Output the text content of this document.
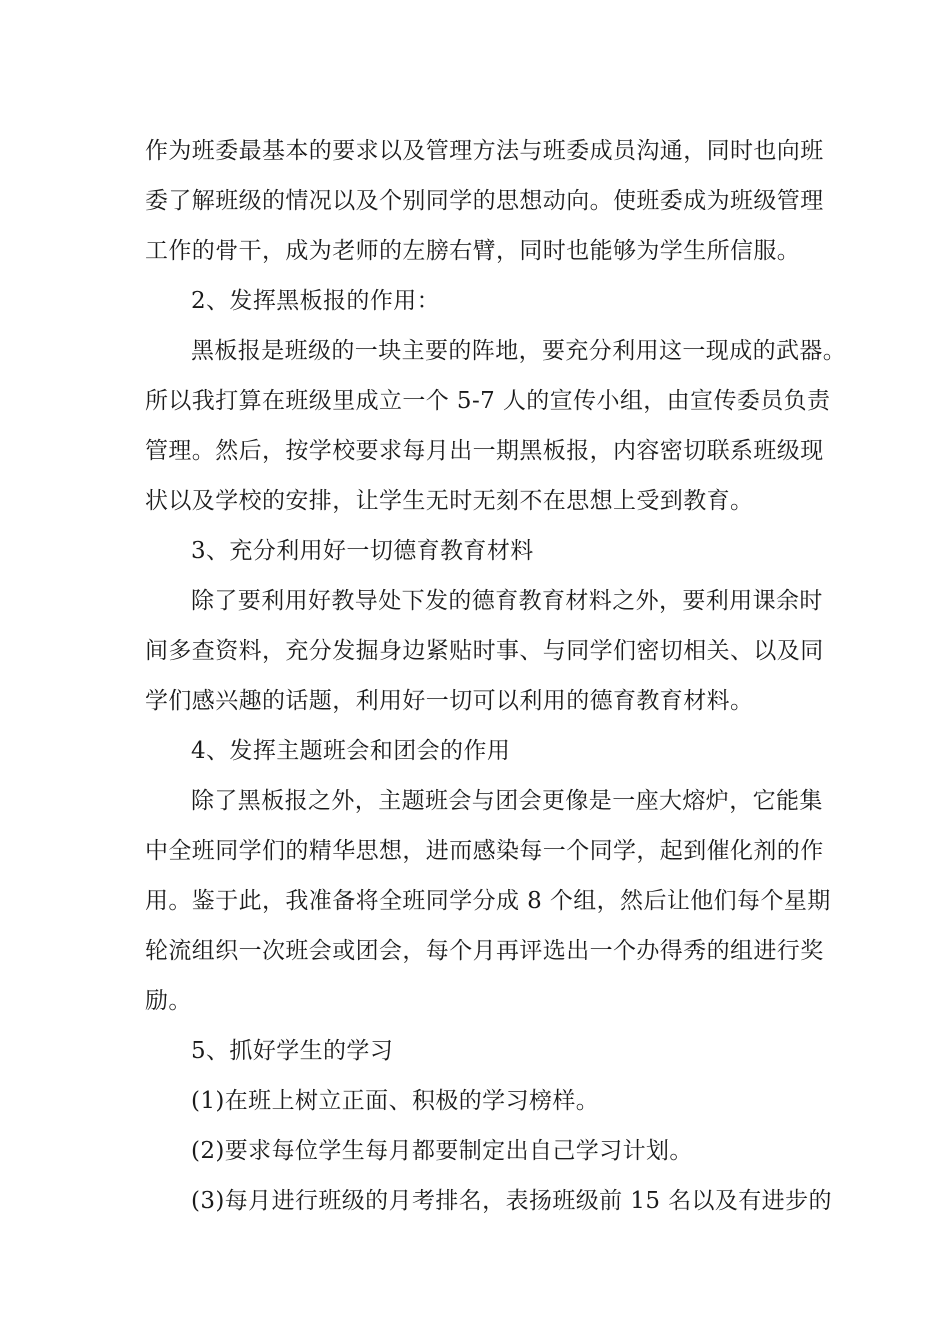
作为班委最基本的要求以及管理方法与班委成员沟通，同时也向班
委了解班级的情况以及个别同学的思想动向。使班委成为班级管理
工作的骨干，成为老师的左膀右臂，同时也能够为学生所信服。
2、发挥黑板报的作用：
黑板报是班级的一块主要的阵地，要充分利用这一现成的武器。
所以我打算在班级里成立一个 5-7 人的宣传小组，由宣传委员负责
管理。然后，按学校要求每月出一期黑板报，内容密切联系班级现
状以及学校的安排，让学生无时无刻不在思想上受到教育。
3、充分利用好一切德育教育材料
除了要利用好教导处下发的德育教育材料之外，要利用课余时
间多查资料，充分发掘身边紧贴时事、与同学们密切相关、以及同
学们感兴趣的话题，利用好一切可以利用的德育教育材料。
4、发挥主题班会和团会的作用
除了黑板报之外，主题班会与团会更像是一座大熔炉，它能集
中全班同学们的精华思想，进而感染每一个同学，起到催化剂的作
用。鉴于此，我准备将全班同学分成 8 个组，然后让他们每个星期
轮流组织一次班会或团会，每个月再评选出一个办得秀的组进行奖
励。
5、抓好学生的学习
(1)在班上树立正面、积极的学习榜样。
(2)要求每位学生每月都要制定出自己学习计划。
(3)每月进行班级的月考排名，表扬班级前 15 名以及有进步的
